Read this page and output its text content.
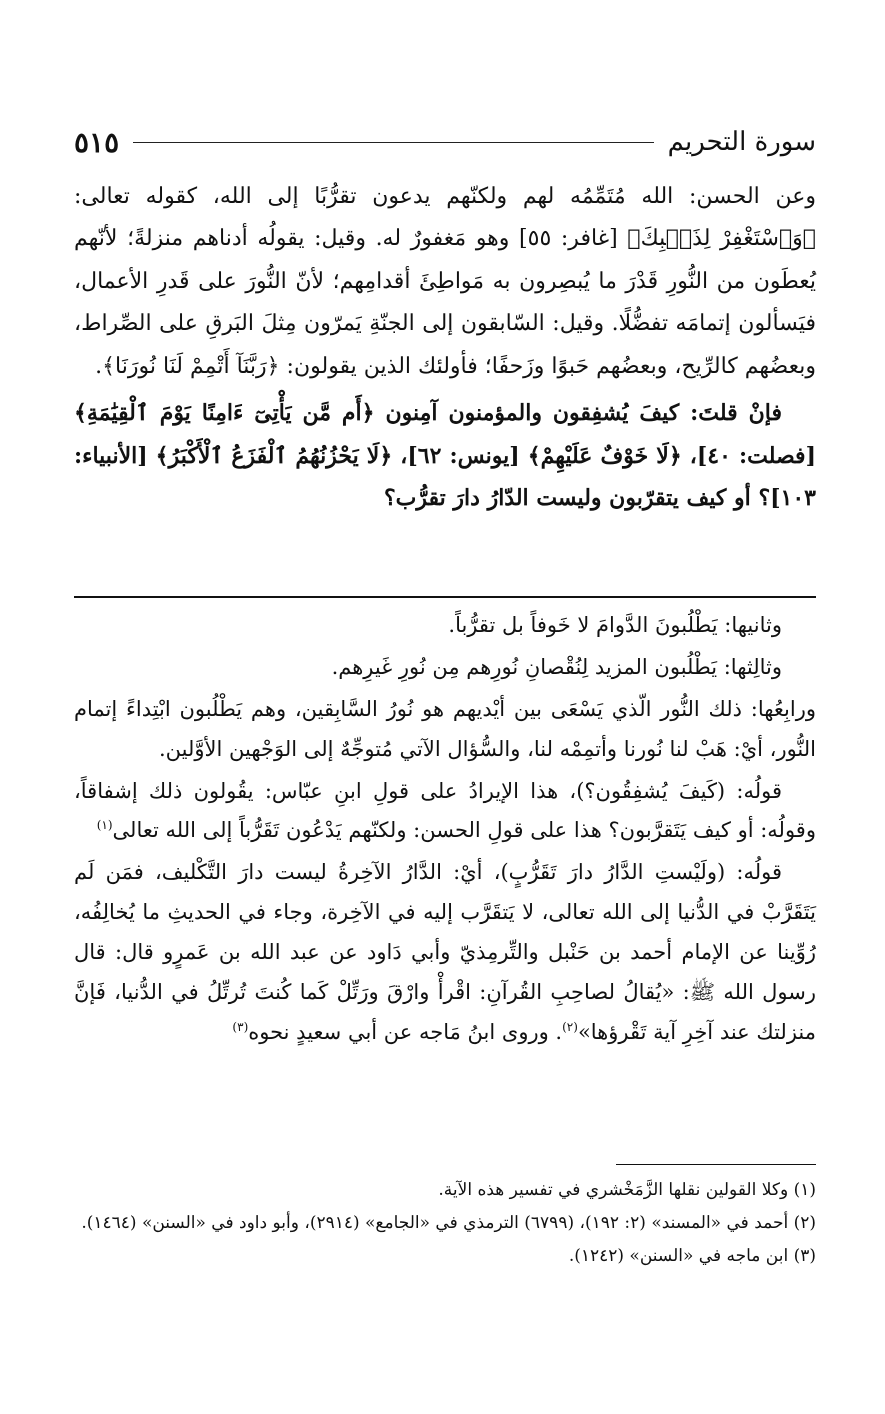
سورة التحريم
٥١٥

وعن الحسن: الله مُتَمِّمُه لهم ولكنّهم يدعون تقرُّبًا إلى الله، كقوله تعالى: ﴿وَٱسْتَغْفِرْ لِذَنۢبِكَ﴾ [غافر: ٥٥] وهو مَغفورٌ له. وقيل: يقولُه أدناهم منزلةً؛ لأنّهم يُعطَون من النُّورِ قَدْرَ ما يُبصِرون به مَواطِئَ أقدامِهم؛ لأنّ النُّورَ على قَدرِ الأعمال، فيَسألون إتمامَه تفضُّلًا. وقيل: السّابقون إلى الجنّةِ يَمرّون مِثلَ البَرقِ على الصِّراط، وبعضُهم كالرِّيح، وبعضُهم حَبوًا وزَحفًا؛ فأولئك الذين يقولون: ﴿رَبَّنَآ أَتْمِمْ لَنَا نُورَنَا﴾.

فإنْ قلتَ: كيفَ يُشفِقون والمؤمنون آمِنون ﴿أَم مَّن يَأْتِىٓ ءَامِنًا يَوْمَ ٱلْقِيَٰمَةِ﴾ [فصلت: ٤٠]، ﴿لَا خَوْفٌ عَلَيْهِمْ﴾ [يونس: ٦٢]، ﴿لَا يَحْزُنُهُمُ ٱلْفَزَعُ ٱلْأَكْبَرُ﴾ [الأنبياء: ١٠٣]؟ أو كيف يتقرّبون وليست الدّارُ دارَ تقرُّب؟

وثانيها: يَطْلُبونَ الدَّوامَ لا خَوفاً بل تقرُّباً.

وثالِثها: يَطْلُبون المزيد لِنُقْصانِ نُورِهم مِن نُورِ غَيرِهم.

ورابِعُها: ذلك النُّور الّذي يَسْعَى بين أيْديهم هو نُورُ السَّابِقين، وهم يَطْلُبون ابْتِداءً إتمام النُّور، أيْ: هَبْ لنا نُورنا وأتمِمْه لنا، والسُّؤال الآتي مُتوجِّهٌ إلى الوَجْهين الأوَّلين.

قولُه: (كَيفَ يُشفِقُون؟)، هذا الإيرادُ على قولِ ابنِ عبّاس: يقُولون ذلك إشفاقاً، وقولُه: أو كيف يَتَقرَّبون؟ هذا على قولِ الحسن: ولكنّهم يَدْعُون تَقَرُّباً إلى الله تعالى$^{(١)}$

قولُه: (ولَيْستِ الدَّارُ دارَ تَقَرُّبٍ)، أيْ: الدَّارُ الآخِرةُ ليست دارَ التَّكْليف، فمَن لَم يَتَقَرَّبْ في الدُّنيا إلى الله تعالى، لا يَتقَرَّب إليه في الآخِرة، وجاء في الحديثِ ما يُخالِفُه، رُوِّينا عن الإمام أحمد بن حَنْبل والتِّرمِذيّ وأبي دَاود عن عبد الله بن عَمرٍو قال: قال رسول الله ﷺ: «يُقالُ لصاحِبِ القُرآنِ: اقْرأْ وارْقَ ورَتِّلْ كَما كُنتَ تُرتِّلُ في الدُّنيا، فَإنَّ منزلتك عند آخِرِ آية تَقْرؤها»$^{(٢)}$. وروى ابنُ مَاجه عن أبي سعيدٍ نحوه$^{(٣)}$

(١) وكلا القولين نقلها الزَّمَخْشري في تفسير هذه الآية.

(٢) أحمد في «المسند» (٢: ١٩٢)، (٦٧٩٩) الترمذي في «الجامع» (٢٩١٤)، وأبو داود في «السنن» (١٤٦٤).

(٣) ابن ماجه في «السنن» (١٢٤٢).
